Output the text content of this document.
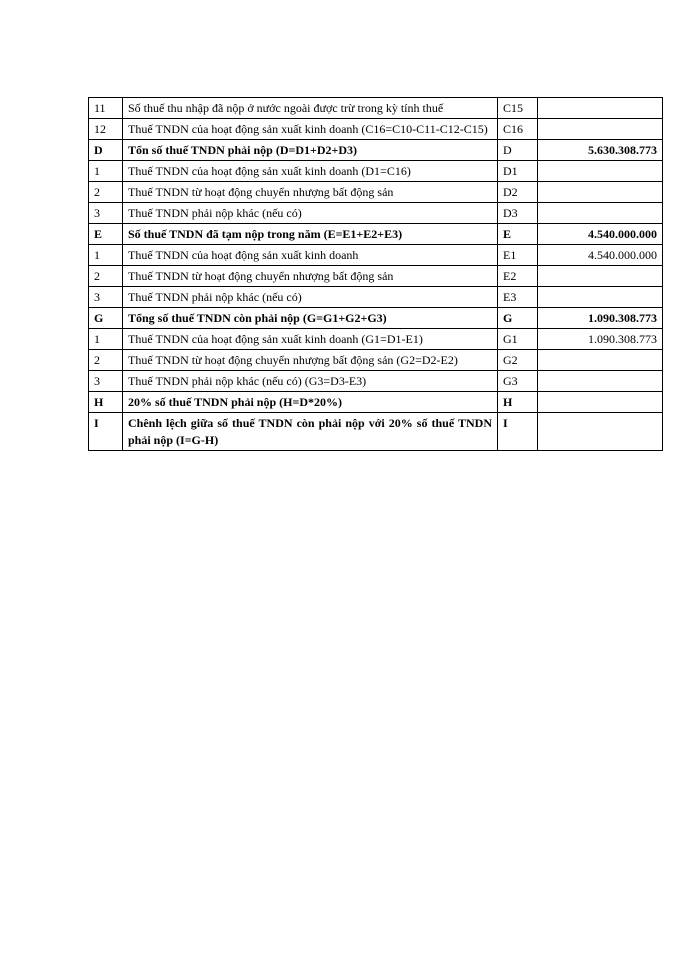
11	Số thuế thu nhập đã nộp ở nước ngoài được trừ trong kỳ tính thuế	C15	
12	Thuế TNDN của hoạt động sản xuất kinh doanh (C16=C10-C11-C12-C15)	C16	
D	Tổn số thuế TNDN phải nộp (D=D1+D2+D3)	D	5.630.308.773
1	Thuế TNDN của hoạt động sản xuất kinh doanh (D1=C16)	D1	
2	Thuế TNDN từ hoạt động chuyển nhượng bất động sản	D2	
3	Thuế TNDN phải nộp khác (nếu có)	D3	
E	Số thuế TNDN đã tạm nộp trong năm (E=E1+E2+E3)	E	4.540.000.000
1	Thuế TNDN của hoạt động sản xuất kinh doanh	E1	4.540.000.000
2	Thuế TNDN từ hoạt động chuyển nhượng bất động sản	E2	
3	Thuế TNDN phải nộp khác (nếu có)	E3	
G	Tổng số thuế TNDN còn phải nộp (G=G1+G2+G3)	G	1.090.308.773
1	Thuế TNDN của hoạt động sản xuất kinh doanh (G1=D1-E1)	G1	1.090.308.773
2	Thuế TNDN từ hoạt động chuyển nhượng bất động sản (G2=D2-E2)	G2	
3	Thuế TNDN phải nộp khác (nếu có) (G3=D3-E3)	G3	
H	20% số thuế TNDN phải nộp (H=D*20%)	H	
I	Chênh lệch giữa số thuế TNDN còn phải nộp với 20% số thuế TNDN phải nộp (I=G-H)	I	
